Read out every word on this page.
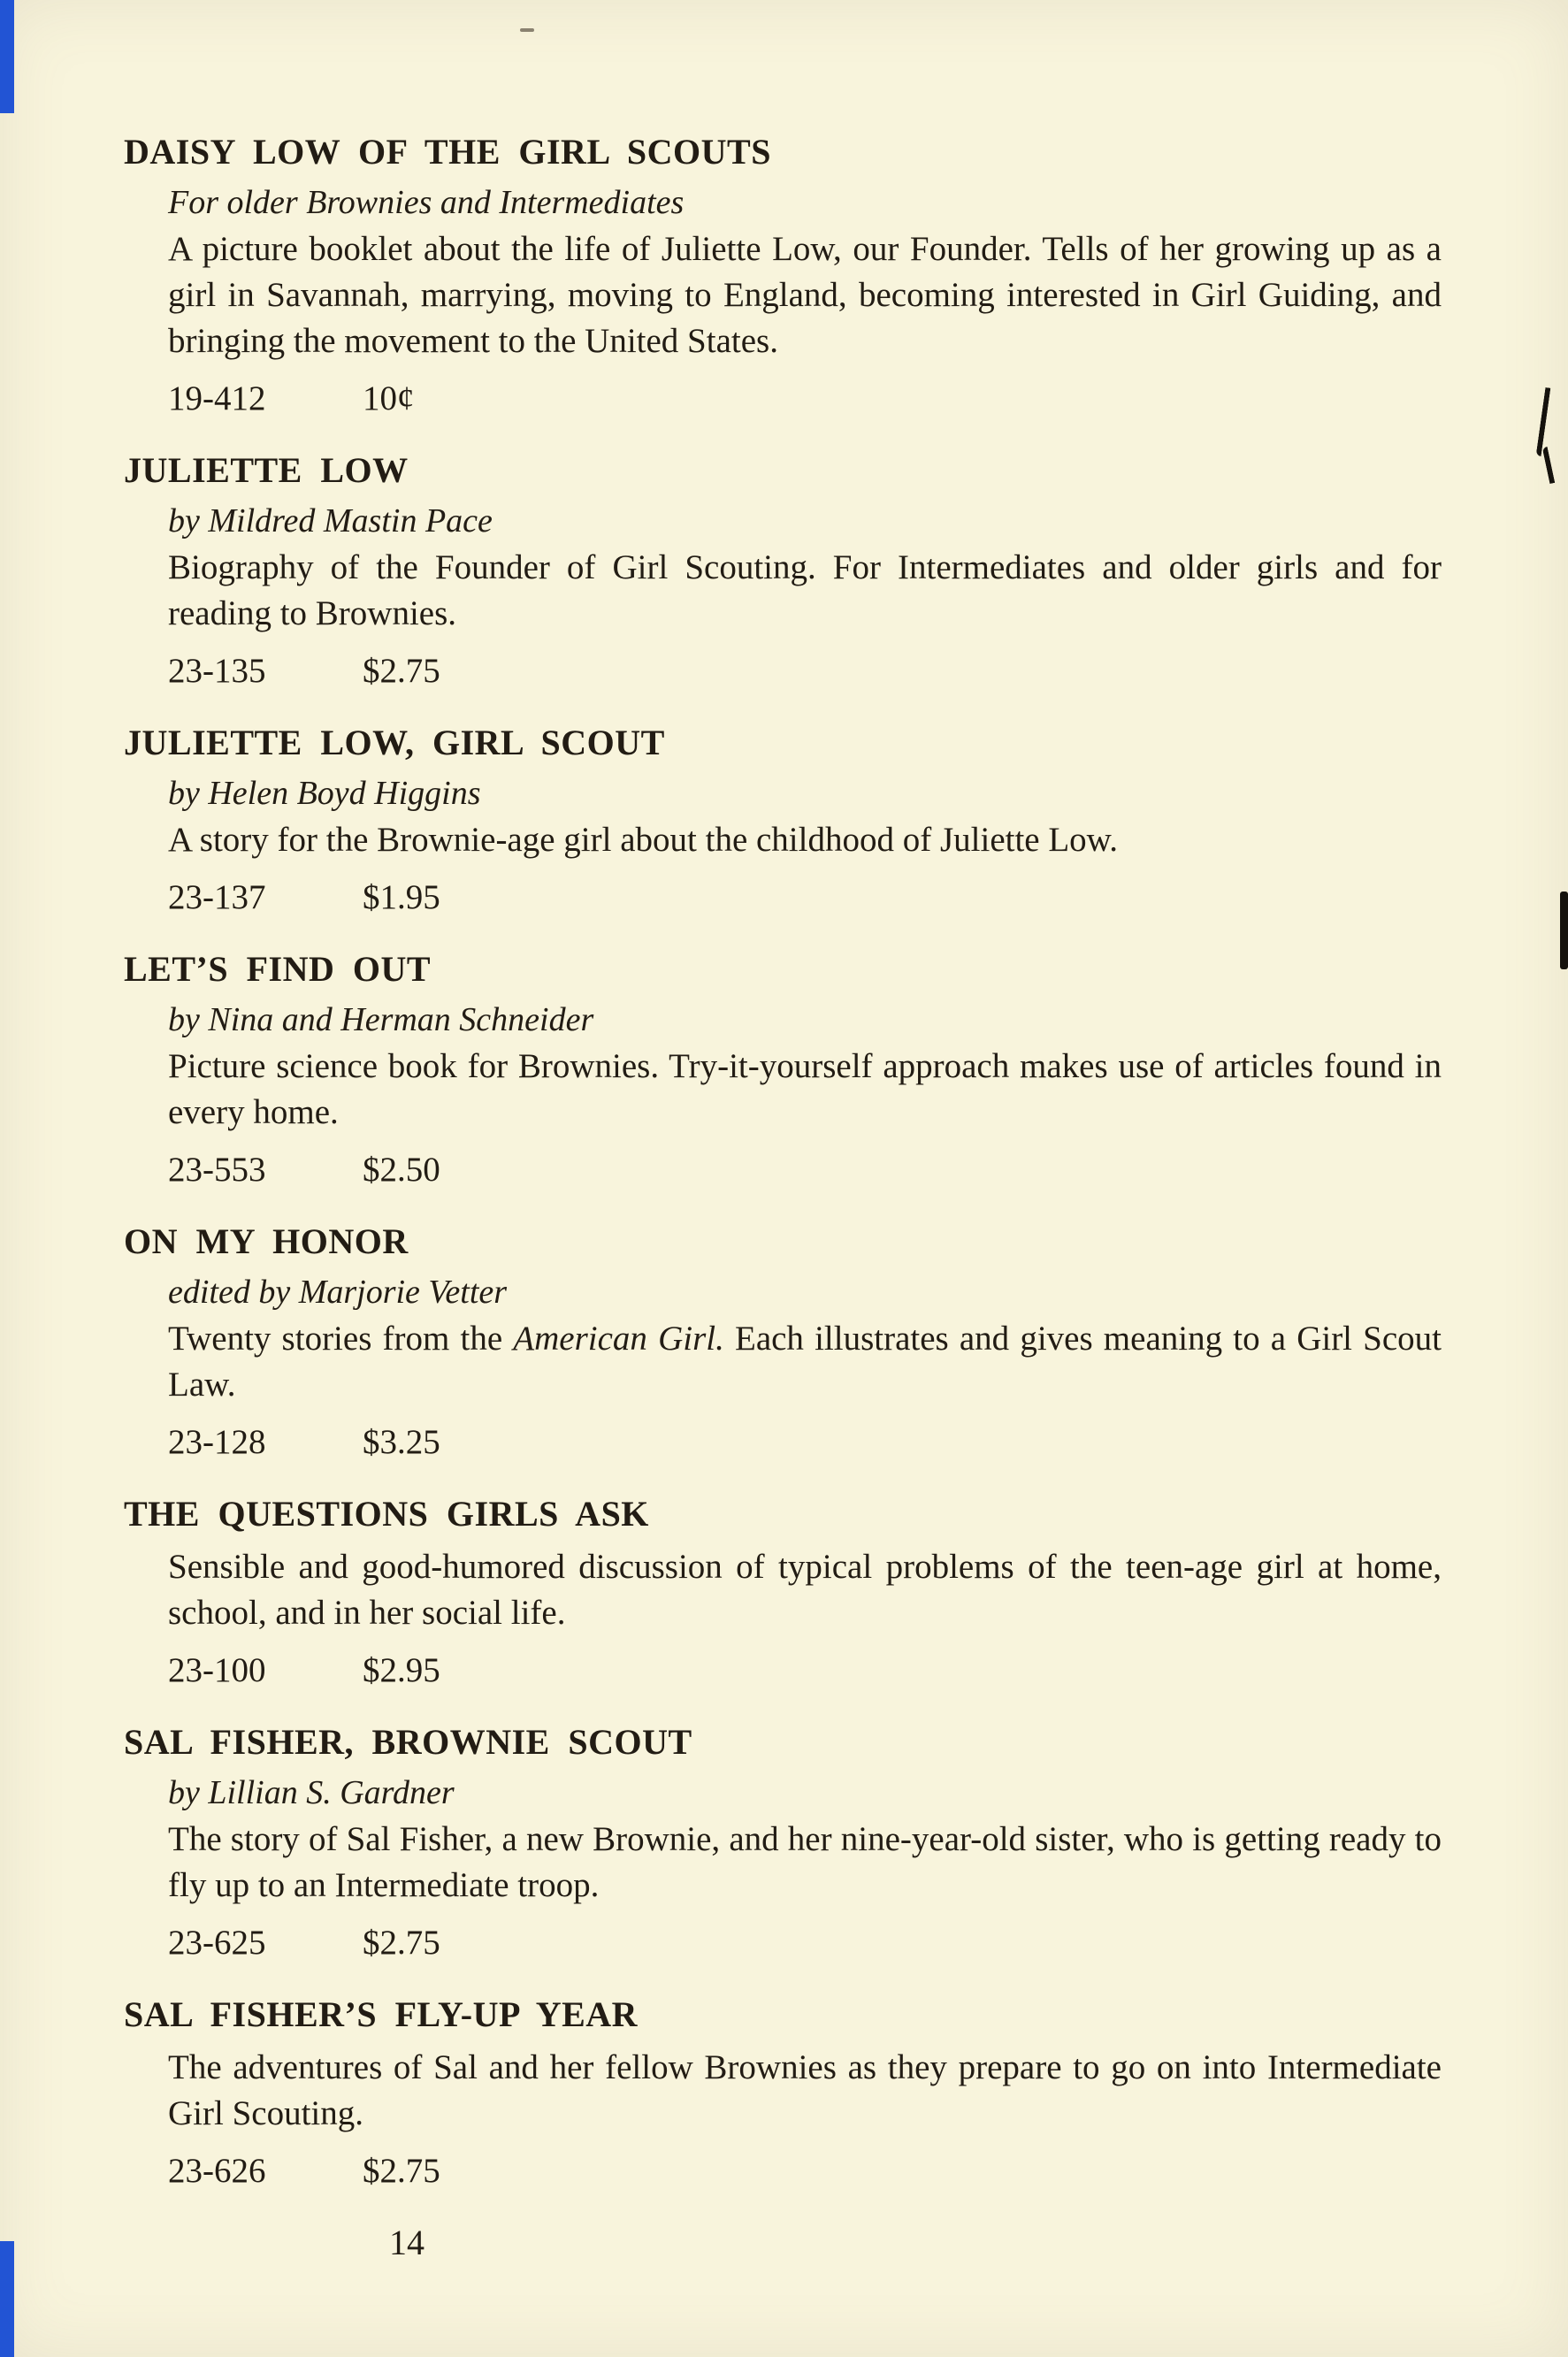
DAISY LOW OF THE GIRL SCOUTS

For older Brownies and Intermediates

A picture booklet about the life of Juliette Low, our Founder. Tells of her growing up as a girl in Savannah, marrying, moving to England, becoming interested in Girl Guiding, and bringing the movement to the United States.

19-412	10¢

JULIETTE LOW

by Mildred Mastin Pace

Biography of the Founder of Girl Scouting. For Intermediates and older girls and for reading to Brownies.

23-135	$2.75

JULIETTE LOW, GIRL SCOUT

by Helen Boyd Higgins

A story for the Brownie-age girl about the childhood of Juliette Low.

23-137	$1.95

LET’S FIND OUT

by Nina and Herman Schneider

Picture science book for Brownies. Try-it-yourself approach makes use of articles found in every home.

23-553	$2.50

ON MY HONOR

edited by Marjorie Vetter

Twenty stories from the American Girl. Each illustrates and gives meaning to a Girl Scout Law.

23-128	$3.25

THE QUESTIONS GIRLS ASK

Sensible and good-humored discussion of typical problems of the teen-age girl at home, school, and in her social life.

23-100	$2.95

SAL FISHER, BROWNIE SCOUT

by Lillian S. Gardner

The story of Sal Fisher, a new Brownie, and her nine-year-old sister, who is getting ready to fly up to an Intermediate troop.

23-625	$2.75

SAL FISHER’S FLY-UP YEAR

The adventures of Sal and her fellow Brownies as they prepare to go on into Intermediate Girl Scouting.

23-626	$2.75

14
